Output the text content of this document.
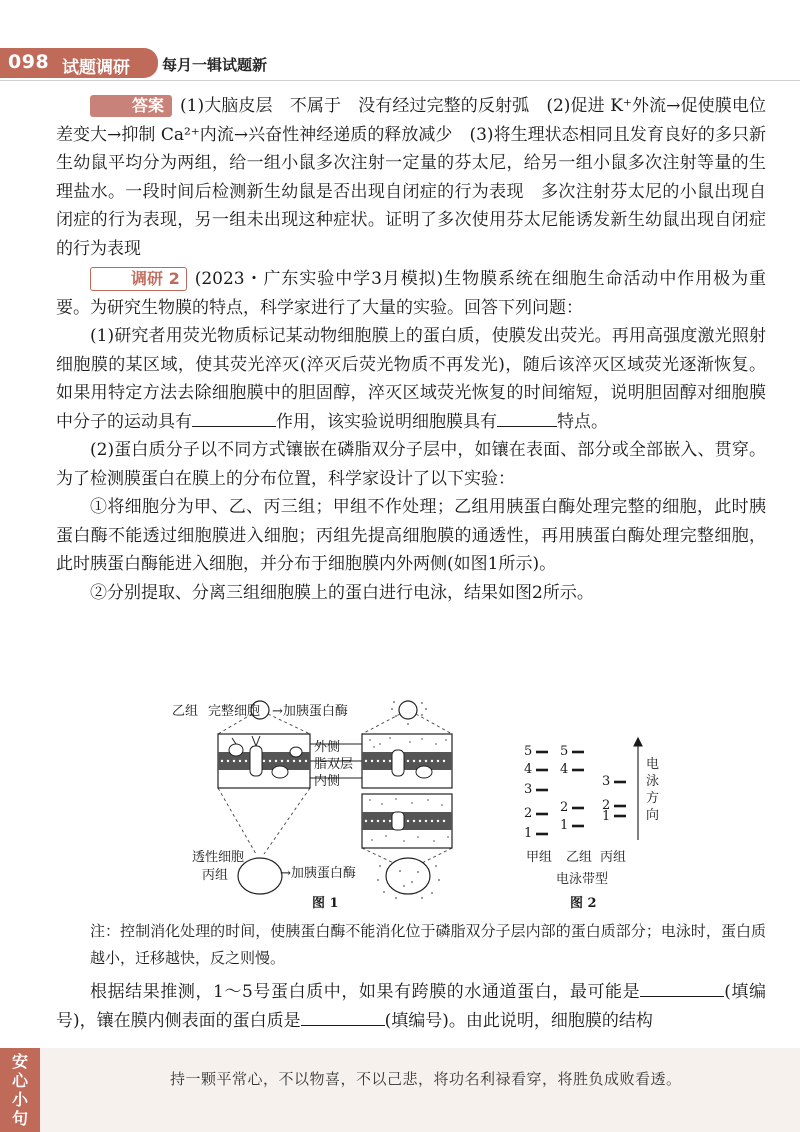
098 试题调研 每月一辑试题新

答案 (1)大脑皮层　不属于　没有经过完整的反射弧　(2)促进 K⁺外流→促使膜电位差变大→抑制 Ca²⁺内流→兴奋性神经递质的释放减少　(3)将生理状态相同且发育良好的多只新生幼鼠平均分为两组，给一组小鼠多次注射一定量的芬太尼，给另一组小鼠多次注射等量的生理盐水。一段时间后检测新生幼鼠是否出现自闭症的行为表现　多次注射芬太尼的小鼠出现自闭症的行为表现，另一组未出现这种症状。证明了多次使用芬太尼能诱发新生幼鼠出现自闭症的行为表现

调研 2 (2023・广东实验中学3月模拟)生物膜系统在细胞生命活动中作用极为重要。为研究生物膜的特点，科学家进行了大量的实验。回答下列问题：

(1)研究者用荧光物质标记某动物细胞膜上的蛋白质，使膜发出荧光。再用高强度激光照射细胞膜的某区域，使其荧光淬灭(淬灭后荧光物质不再发光)，随后该淬灭区域荧光逐渐恢复。如果用特定方法去除细胞膜中的胆固醇，淬灭区域荧光恢复的时间缩短，说明胆固醇对细胞膜中分子的运动具有	作用，该实验说明细胞膜具有	特点。

(2)蛋白质分子以不同方式镶嵌在磷脂双分子层中，如镶在表面、部分或全部嵌入、贯穿。为了检测膜蛋白在膜上的分布位置，科学家设计了以下实验：

①将细胞分为甲、乙、丙三组；甲组不作处理；乙组用胰蛋白酶处理完整的细胞，此时胰蛋白酶不能透过细胞膜进入细胞；丙组先提高细胞膜的通透性，再用胰蛋白酶处理完整细胞，此时胰蛋白酶能进入细胞，并分布于细胞膜内外两侧(如图1所示)。

②分别提取、分离三组细胞膜上的蛋白进行电泳，结果如图2所示。

乙组 完整细胞 →加胰蛋白酶
外侧
脂双层
内侧
透性细胞
丙组	→加胰蛋白酶
图 1
5
4
3
2
1
5
4
2
1
3
2
1
电泳方向
甲组 乙组 丙组
电泳带型
图 2
注：控制消化处理的时间，使胰蛋白酶不能消化位于磷脂双分子层内部的蛋白质部分；电泳时，蛋白质越小，迁移越快，反之则慢。

根据结果推测，1～5号蛋白质中，如果有跨膜的水通道蛋白，最可能是	(填编号)，镶在膜内侧表面的蛋白质是	(填编号)。由此说明，细胞膜的结构

安心小句
持一颗平常心，不以物喜，不以己悲，将功名利禄看穿，将胜负成败看透。
